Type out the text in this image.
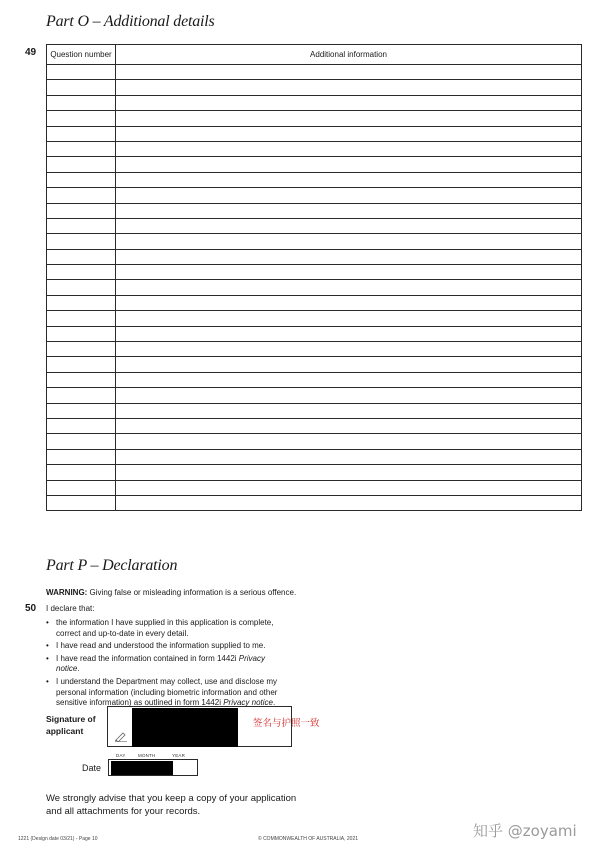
Part O – Additional details
49 Question number	Additional information

Part P – Declaration
WARNING: Giving false or misleading information is a serious offence.
50 I declare that:
• the information I have supplied in this application is complete, correct and up-to-date in every detail.
• I have read and understood the information supplied to me.
• I have read the information contained in form 1442i Privacy notice.
• I understand the Department may collect, use and disclose my personal information (including biometric information and other sensitive information) as outlined in form 1442i Privacy notice.
Signature of
applicant
签名与护照一致
DAY	MONTH	YEAR
Date
We strongly advise that you keep a copy of your application
and all attachments for your records.
1221 (Design date 03/21) - Page 10	© COMMONWEALTH OF AUSTRALIA, 2021	知乎 @zoyami
